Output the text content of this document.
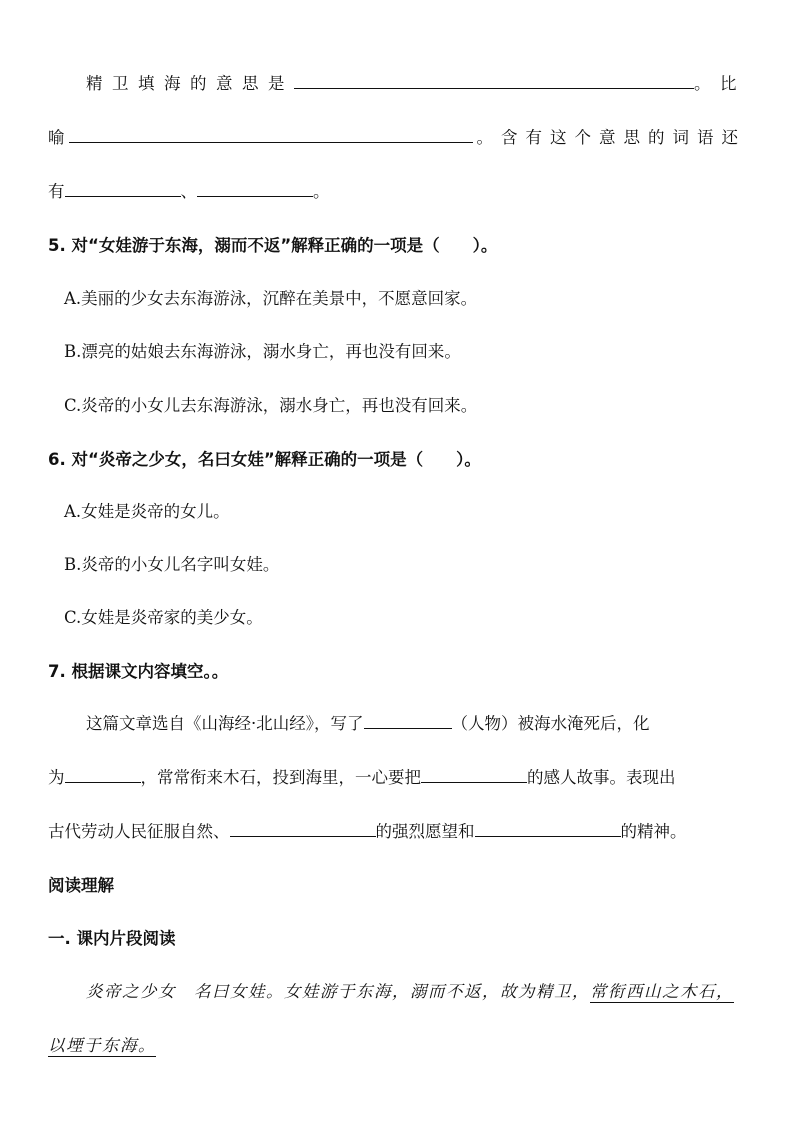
精卫填海的意思是	。比
喻	。含有这个意思的词语还
有	、	。
5. 对“女娃游于东海，溺而不返”解释正确的一项是（　　）。
A.美丽的少女去东海游泳，沉醉在美景中，不愿意回家。
B.漂亮的姑娘去东海游泳，溺水身亡，再也没有回来。
C.炎帝的小女儿去东海游泳，溺水身亡，再也没有回来。
6. 对“炎帝之少女，名曰女娃”解释正确的一项是（　　）。
A.女娃是炎帝的女儿。
B.炎帝的小女儿名字叫女娃。
C.女娃是炎帝家的美少女。
7. 根据课文内容填空。。
这篇文章选自《山海经·北山经》，写了	（人物）被海水淹死后，化
为	，常常衔来木石，投到海里，一心要把	的感人故事。表现出
古代劳动人民征服自然、	的强烈愿望和	的精神。
阅读理解
一. 课内片段阅读
炎帝之少女　名曰女娃。女娃游于东海，溺而不返，故为精卫，常衔西山之木石，
以堙于东海。
